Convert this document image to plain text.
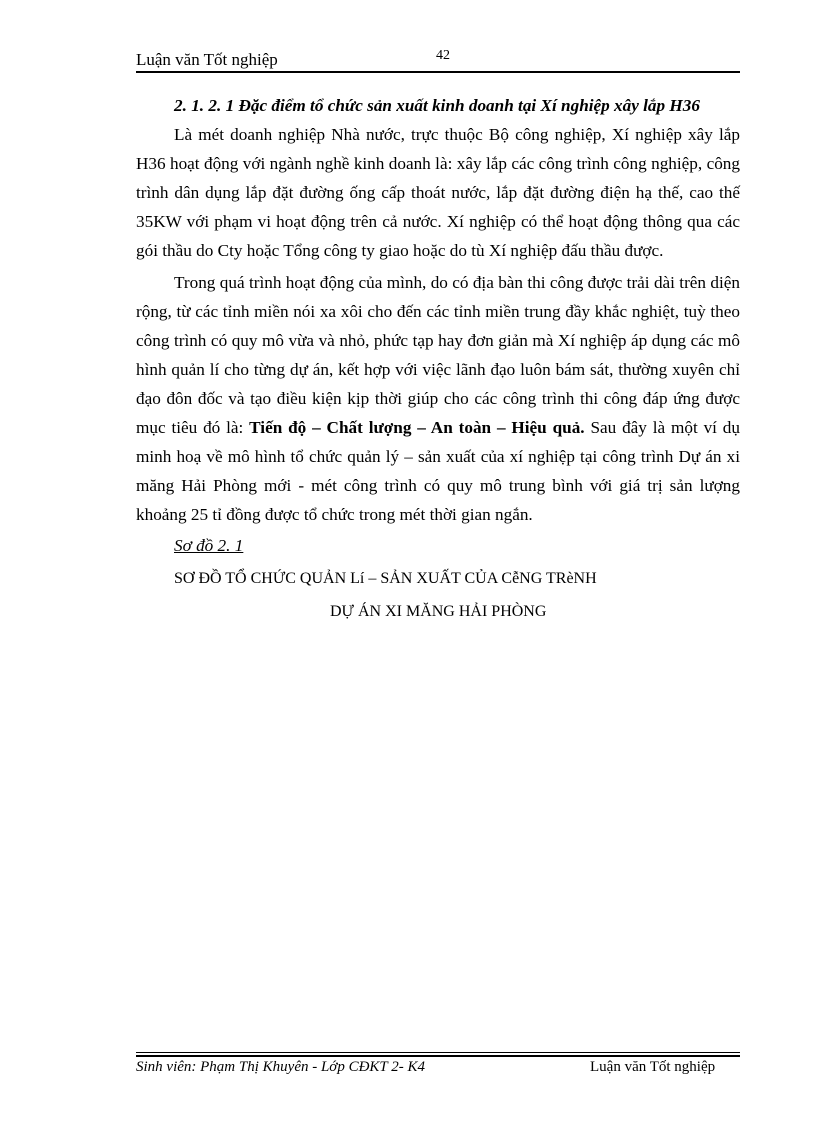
Luận văn Tốt nghiệp	42

2. 1. 2. 1 Đặc điểm tổ chức sản xuất kinh doanh tại Xí nghiệp xây lắp H36

Là mét doanh nghiệp Nhà nước, trực thuộc Bộ công nghiệp, Xí nghiệp xây lắp H36 hoạt động với ngành nghề kinh doanh là: xây lắp các công trình công nghiệp, công trình dân dụng lắp đặt đường ống cấp thoát nước, lắp đặt đường điện hạ thế, cao thế 35KW với phạm vi hoạt động trên cả nước. Xí nghiệp có thể hoạt động thông qua các gói thầu do Cty hoặc Tổng công ty giao hoặc do tù Xí nghiệp đấu thầu được.

Trong quá trình hoạt động của mình, do có địa bàn thi công được trải dài trên diện rộng, từ các tỉnh miền nói xa xôi cho đến các tỉnh miền trung đầy khắc nghiệt, tuỳ theo công trình có quy mô vừa và nhỏ, phức tạp hay đơn giản mà Xí nghiệp áp dụng các mô hình quản lí cho từng dự án, kết hợp với việc lãnh đạo luôn bám sát, thường xuyên chỉ đạo đôn đốc và tạo điều kiện kịp thời giúp cho các công trình thi công đáp ứng được mục tiêu đó là: Tiến độ – Chất lượng – An toàn – Hiệu quả. Sau đây là một ví dụ minh hoạ về mô hình tổ chức quản lý – sản xuất của xí nghiệp tại công trình Dự án xi măng Hải Phòng mới - mét công trình có quy mô trung bình với giá trị sản lượng khoảng 25 tỉ đồng được tổ chức trong mét thời gian ngắn.

Sơ đồ 2. 1

SƠ ĐỒ TỔ CHỨC QUẢN Lí – SẢN XUẤT CỦA CễNG TRèNH
DỰ ÁN XI MĂNG HẢI PHÒNG
Sinh viên: Phạm Thị Khuyên - Lớp CĐKT 2- K4	Luận văn Tốt nghiệp
